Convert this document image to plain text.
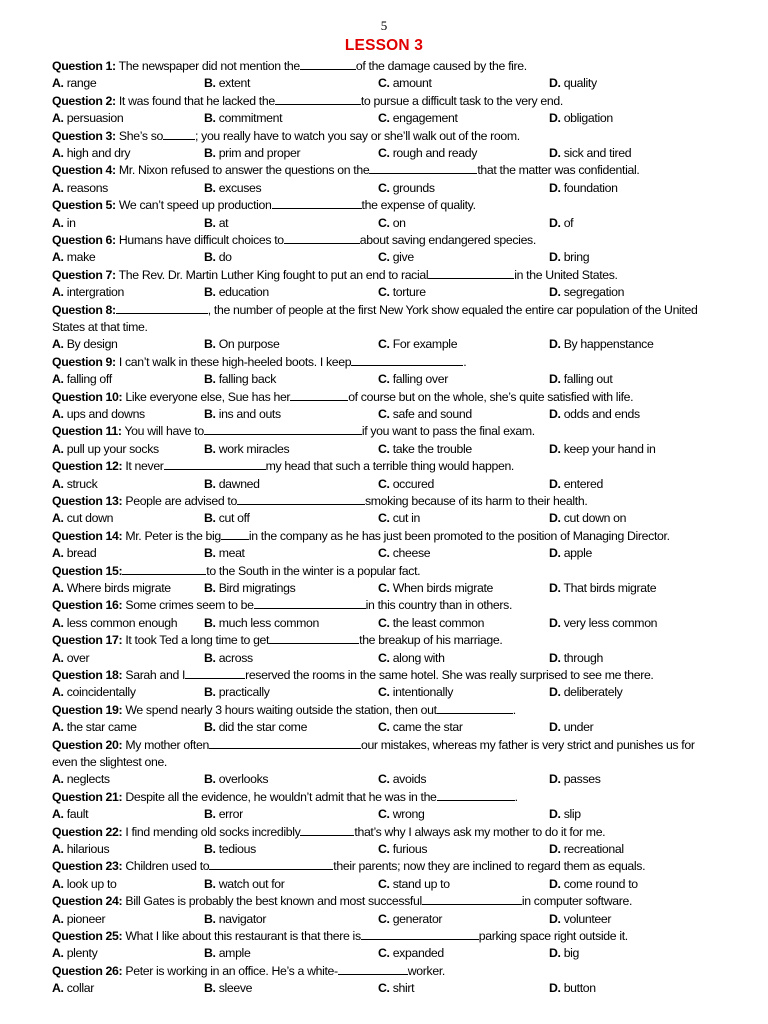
5
LESSON 3
Question 1: The newspaper did not mention the	of the damage caused by the fire.
A. range	B. extent	C. amount	D. quality
Question 2: It was found that he lacked the	to pursue a difficult task to the very end.
A. persuasion	B. commitment	C. engagement	D. obligation
Question 3: She’s so	; you really have to watch you say or she’ll walk out of the room.
A. high and dry	B. prim and proper	C. rough and ready	D. sick and tired
Question 4: Mr. Nixon refused to answer the questions on the	that the matter was confidential.
A. reasons	B. excuses	C. grounds	D. foundation
Question 5: We can’t speed up production	the expense of quality.
A. in	B. at	C. on	D. of
Question 6: Humans have difficult choices to	about saving endangered species.
A. make	B. do	C. give	D. bring
Question 7: The Rev. Dr. Martin Luther King fought to put an end to racial	in the United States.
A. intergration	B. education	C. torture	D. segregation
Question 8:	, the number of people at the first New York show equaled the entire car population of the United States at that time.
A. By design	B. On purpose	C. For example	D. By happenstance
Question 9: I can’t walk in these high-heeled boots. I keep	.
A. falling off	B. falling back	C. falling over	D. falling out
Question 10: Like everyone else, Sue has her	of course but on the whole, she’s quite satisfied with life.
A. ups and downs	B. ins and outs	C. safe and sound	D. odds and ends
Question 11: You will have to	if you want to pass the final exam.
A. pull up your socks	B. work miracles	C. take the trouble	D. keep your hand in
Question 12: It never	my head that such a terrible thing would happen.
A. struck	B. dawned	C. occured	D. entered
Question 13: People are advised to	smoking because of its harm to their health.
A. cut down	B. cut off	C. cut in	D. cut down on
Question 14: Mr. Peter is the big in the company as he has just been promoted to the position of Managing Director.
A. bread	B. meat	C. cheese	D. apple
Question 15:	to the South in the winter is a popular fact.
A. Where birds migrate	B. Bird migratings	C. When birds migrate	D. That birds migrate
Question 16: Some crimes seem to be	in this country than in others.
A. less common enough B. much less common	C. the least common	D. very less common
Question 17: It took Ted a long time to get	the breakup of his marriage.
A. over	B. across	C. along with	D. through
Question 18: Sarah and I	reserved the rooms in the same hotel. She was really surprised to see me there.
A. coincidentally	B. practically	C. intentionally	D. deliberately
Question 19: We spend nearly 3 hours waiting outside the station, then out	.
A. the star came	B. did the star come	C. came the star	D. under
Question 20: My mother often	our mistakes, whereas my father is very strict and punishes us for even the slightest one.
A. neglects	B. overlooks	C. avoids	D. passes
Question 21: Despite all the evidence, he wouldn’t admit that he was in the	.
A. fault	B. error	C. wrong	D. slip
Question 22: I find mending old socks incredibly	that’s why I always ask my mother to do it for me.
A. hilarious	B. tedious	C. furious	D. recreational
Question 23: Children used to	their parents; now they are inclined to regard them as equals.
A. look up to	B. watch out for	C. stand up to	D. come round to
Question 24: Bill Gates is probably the best known and most successful	in computer software.
A. pioneer	B. navigator	C. generator	D. volunteer
Question 25: What I like about this restaurant is that there is	parking space right outside it.
A. plenty	B. ample	C. expanded	D. big
Question 26: Peter is working in an office. He’s a white-	worker.
A. collar	B. sleeve	C. shirt	D. button
